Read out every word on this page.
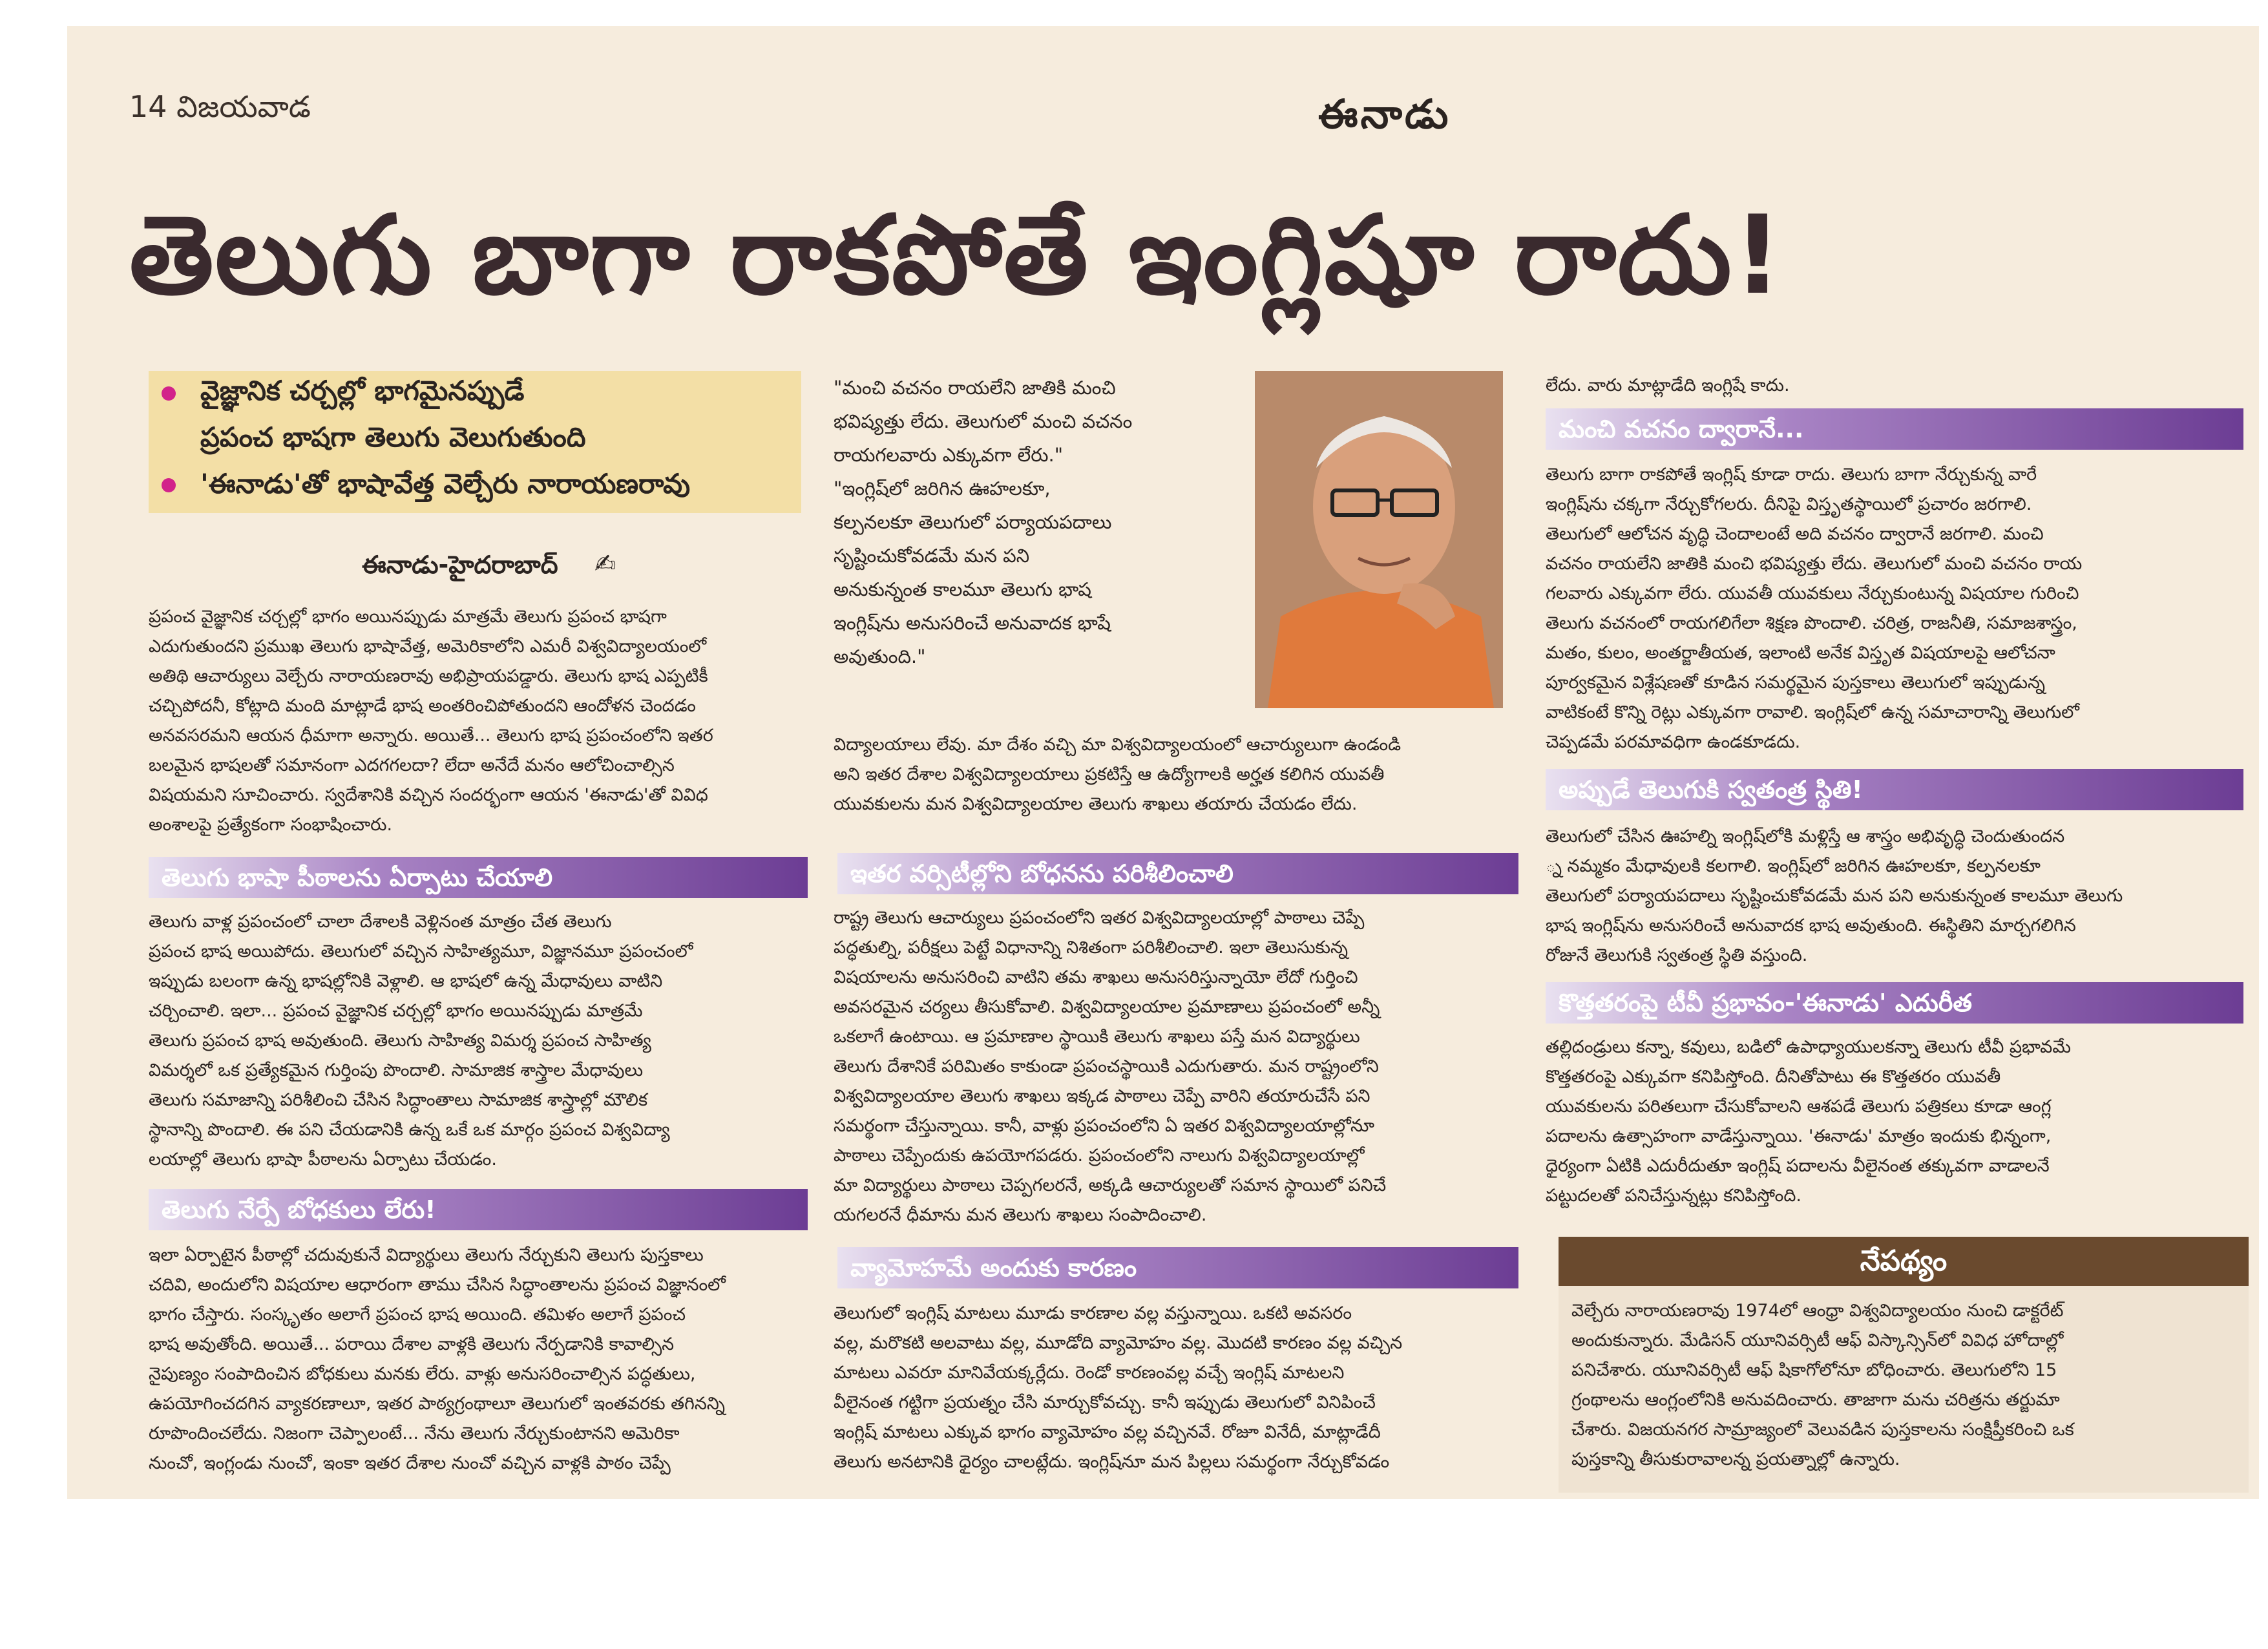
14 విజయవాడ	ఈనాడు
తెలుగు బాగా రాకపోతే ఇంగ్లిషూ రాదు!
వైజ్ఞానిక చర్చల్లో భాగమైనప్పుడే
ప్రపంచ భాషగా తెలుగు వెలుగుతుంది
'ఈనాడు'తో భాషావేత్త వెల్చేరు నారాయణరావు
ఈనాడు-హైదరాబాద్ ✍
ప్రపంచ వైజ్ఞానిక చర్చల్లో భాగం అయినప్పుడు మాత్రమే తెలుగు ప్రపంచ భాషగా
ఎదుగుతుందని ప్రముఖ తెలుగు భాషావేత్త, అమెరికాలోని ఎమరీ విశ్వవిద్యాలయంలో
అతిథి ఆచార్యులు వెల్చేరు నారాయణరావు అభిప్రాయపడ్డారు. తెలుగు భాష ఎప్పటికీ
చచ్చిపోదనీ, కోట్లాది మంది మాట్లాడే భాష అంతరించిపోతుందని ఆందోళన చెందడం
అనవసరమని ఆయన ధీమాగా అన్నారు. అయితే... తెలుగు భాష ప్రపంచంలోని ఇతర
బలమైన భాషలతో సమానంగా ఎదగగలదా? లేదా అనేదే మనం ఆలోచించాల్సిన
విషయమని సూచించారు. స్వదేశానికి వచ్చిన సందర్భంగా ఆయన 'ఈనాడు'తో వివిధ
అంశాలపై ప్రత్యేకంగా సంభాషించారు.
తెలుగు భాషా పీఠాలను ఏర్పాటు చేయాలి
తెలుగు వాళ్ల ప్రపంచంలో చాలా దేశాలకి వెళ్లినంత మాత్రం చేత తెలుగు
ప్రపంచ భాష అయిపోదు. తెలుగులో వచ్చిన సాహిత్యమూ, విజ్ఞానమూ ప్రపంచంలో
ఇప్పుడు బలంగా ఉన్న భాషల్లోనికి వెళ్లాలి. ఆ భాషలో ఉన్న మేధావులు వాటిని
చర్చించాలి. ఇలా... ప్రపంచ వైజ్ఞానిక చర్చల్లో భాగం అయినప్పుడు మాత్రమే
తెలుగు ప్రపంచ భాష అవుతుంది. తెలుగు సాహిత్య విమర్శ ప్రపంచ సాహిత్య
విమర్శలో ఒక ప్రత్యేకమైన గుర్తింపు పొందాలి. సామాజిక శాస్త్రాల మేధావులు
తెలుగు సమాజాన్ని పరిశీలించి చేసిన సిద్ధాంతాలు సామాజిక శాస్త్రాల్లో మౌలిక
స్థానాన్ని పొందాలి. ఈ పని చేయడానికి ఉన్న ఒకే ఒక మార్గం ప్రపంచ విశ్వవిద్యా
లయాల్లో తెలుగు భాషా పీఠాలను ఏర్పాటు చేయడం.
తెలుగు నేర్పే బోధకులు లేరు!
ఇలా ఏర్పాటైన పీఠాల్లో చదువుకునే విద్యార్థులు తెలుగు నేర్చుకుని తెలుగు పుస్తకాలు
చదివి, అందులోని విషయాల ఆధారంగా తాము చేసిన సిద్ధాంతాలను ప్రపంచ విజ్ఞానంలో
భాగం చేస్తారు. సంస్కృతం అలాగే ప్రపంచ భాష అయింది. తమిళం అలాగే ప్రపంచ
భాష అవుతోంది. అయితే... పరాయి దేశాల వాళ్లకి తెలుగు నేర్పడానికి కావాల్సిన
నైపుణ్యం సంపాదించిన బోధకులు మనకు లేరు. వాళ్లు అనుసరించాల్సిన పద్ధతులు,
ఉపయోగించదగిన వ్యాకరణాలూ, ఇతర పాఠ్యగ్రంథాలూ తెలుగులో ఇంతవరకు తగినన్ని
రూపొందించలేదు. నిజంగా చెప్పాలంటే... నేను తెలుగు నేర్చుకుంటానని అమెరికా
నుంచో, ఇంగ్లండు నుంచో, ఇంకా ఇతర దేశాల నుంచో వచ్చిన వాళ్లకి పాఠం చెప్పే
"మంచి వచనం రాయలేని జాతికి మంచి
భవిష్యత్తు లేదు. తెలుగులో మంచి వచనం
రాయగలవారు ఎక్కువగా లేరు."
"ఇంగ్లిష్‌లో జరిగిన ఊహలకూ,
కల్పనలకూ తెలుగులో పర్యాయపదాలు
సృష్టించుకోవడమే మన పని
అనుకున్నంత కాలమూ తెలుగు భాష
ఇంగ్లిష్‌ను అనుసరించే అనువాదక భాషే
అవుతుంది."
విద్యాలయాలు లేవు. మా దేశం వచ్చి మా విశ్వవిద్యాలయంలో ఆచార్యులుగా ఉండండి
అని ఇతర దేశాల విశ్వవిద్యాలయాలు ప్రకటిస్తే ఆ ఉద్యోగాలకి అర్హత కలిగిన యువతీ
యువకులను మన విశ్వవిద్యాలయాల తెలుగు శాఖలు తయారు చేయడం లేదు.
ఇతర వర్సిటీల్లోని బోధనను పరిశీలించాలి
రాష్ట్ర తెలుగు ఆచార్యులు ప్రపంచంలోని ఇతర విశ్వవిద్యాలయాల్లో పాఠాలు చెప్పే
పద్ధతుల్ని, పరీక్షలు పెట్టే విధానాన్ని నిశితంగా పరిశీలించాలి. ఇలా తెలుసుకున్న
విషయాలను అనుసరించి వాటిని తమ శాఖలు అనుసరిస్తున్నాయో లేదో గుర్తించి
అవసరమైన చర్యలు తీసుకోవాలి. విశ్వవిద్యాలయాల ప్రమాణాలు ప్రపంచంలో అన్నీ
ఒకలాగే ఉంటాయి. ఆ ప్రమాణాల స్థాయికి తెలుగు శాఖలు పస్తే మన విద్యార్థులు
తెలుగు దేశానికే పరిమితం కాకుండా ప్రపంచస్థాయికి ఎదుగుతారు. మన రాష్ట్రంలోని
విశ్వవిద్యాలయాల తెలుగు శాఖలు ఇక్కడ పాఠాలు చెప్పే వారిని తయారుచేసే పని
సమర్థంగా చేస్తున్నాయి. కానీ, వాళ్లు ప్రపంచంలోని ఏ ఇతర విశ్వవిద్యాలయాల్లోనూ
పాఠాలు చెప్పేందుకు ఉపయోగపడరు. ప్రపంచంలోని నాలుగు విశ్వవిద్యాలయాల్లో
మా విద్యార్థులు పాఠాలు చెప్పగలరనే, అక్కడి ఆచార్యులతో సమాన స్థాయిలో పనిచే
యగలరనే ధీమాను మన తెలుగు శాఖలు సంపాదించాలి.
వ్యామోహమే అందుకు కారణం
తెలుగులో ఇంగ్లిష్ మాటలు మూడు కారణాల వల్ల వస్తున్నాయి. ఒకటి అవసరం
వల్ల, మరొకటి అలవాటు వల్ల, మూడోది వ్యామోహం వల్ల. మొదటి కారణం వల్ల వచ్చిన
మాటలు ఎవరూ మానివేయక్కర్లేదు. రెండో కారణంవల్ల వచ్చే ఇంగ్లిష్ మాటలని
వీలైనంత గట్టిగా ప్రయత్నం చేసి మార్చుకోవచ్చు. కానీ ఇప్పుడు తెలుగులో వినిపించే
ఇంగ్లిష్ మాటలు ఎక్కువ భాగం వ్యామోహం వల్ల వచ్చినవే. రోజూ వినేదీ, మాట్లాడేదీ
తెలుగు అనటానికి ధైర్యం చాలట్లేదు. ఇంగ్లిష్‌నూ మన పిల్లలు సమర్థంగా నేర్చుకోవడం
లేదు. వారు మాట్లాడేది ఇంగ్లిషే కాదు.
మంచి వచనం ద్వారానే...
తెలుగు బాగా రాకపోతే ఇంగ్లిష్ కూడా రాదు. తెలుగు బాగా నేర్చుకున్న వారే
ఇంగ్లిష్‌ను చక్కగా నేర్చుకోగలరు. దీనిపై విస్తృతస్థాయిలో ప్రచారం జరగాలి.
తెలుగులో ఆలోచన వృద్ధి చెందాలంటే అది వచనం ద్వారానే జరగాలి. మంచి
వచనం రాయలేని జాతికి మంచి భవిష్యత్తు లేదు. తెలుగులో మంచి వచనం రాయ
గలవారు ఎక్కువగా లేరు. యువతీ యువకులు నేర్చుకుంటున్న విషయాల గురించి
తెలుగు వచనంలో రాయగలిగేలా శిక్షణ పొందాలి. చరిత్ర, రాజనీతి, సమాజశాస్త్రం,
మతం, కులం, అంతర్జాతీయత, ఇలాంటి అనేక విస్తృత విషయాలపై ఆలోచనా
పూర్వకమైన విశ్లేషణతో కూడిన సమర్థమైన పుస్తకాలు తెలుగులో ఇప్పుడున్న
వాటికంటే కొన్ని రెట్లు ఎక్కువగా రావాలి. ఇంగ్లిష్‌లో ఉన్న సమాచారాన్ని తెలుగులో
చెప్పడమే పరమావధిగా ఉండకూడదు.
అప్పుడే తెలుగుకి స్వతంత్ర స్థితి!
తెలుగులో చేసిన ఊహల్ని ఇంగ్లిష్‌లోకి మళ్లిస్తే ఆ శాస్త్రం అభివృద్ధి చెందుతుందన
్న నమ్మకం మేధావులకి కలగాలి. ఇంగ్లిష్‌లో జరిగిన ఊహలకూ, కల్పనలకూ
తెలుగులో పర్యాయపదాలు సృష్టించుకోవడమే మన పని అనుకున్నంత కాలమూ తెలుగు
భాష ఇంగ్లిష్‌ను అనుసరించే అనువాదక భాష అవుతుంది. ఈస్థితిని మార్చగలిగిన
రోజునే తెలుగుకి స్వతంత్ర స్థితి వస్తుంది.
కొత్తతరంపై టీవీ ప్రభావం-'ఈనాడు' ఎదురీత
తల్లిదండ్రులు కన్నా, కవులు, బడిలో ఉపాధ్యాయులకన్నా తెలుగు టీవీ ప్రభావమే
కొత్తతరంపై ఎక్కువగా కనిపిస్తోంది. దీనితోపాటు ఈ కొత్తతరం యువతీ
యువకులను పరితలుగా చేసుకోవాలని ఆశపడే తెలుగు పత్రికలు కూడా ఆంగ్ల
పదాలను ఉత్సాహంగా వాడేస్తున్నాయి. 'ఈనాడు' మాత్రం ఇందుకు భిన్నంగా,
ధైర్యంగా ఏటికి ఎదురీదుతూ ఇంగ్లిష్ పదాలను వీలైనంత తక్కువగా వాడాలనే
పట్టుదలతో పనిచేస్తున్నట్లు కనిపిస్తోంది.
నేపథ్యం
వెల్చేరు నారాయణరావు 1974లో ఆంధ్రా విశ్వవిద్యాలయం నుంచి డాక్టరేట్
అందుకున్నారు. మేడిసన్ యూనివర్సిటీ ఆఫ్ విస్కాన్సిన్‌లో వివిధ హోదాల్లో
పనిచేశారు. యూనివర్సిటీ ఆఫ్ షికాగోలోనూ బోధించారు. తెలుగులోని 15
గ్రంథాలను ఆంగ్లంలోనికి అనువదించారు. తాజాగా మను చరిత్రను తర్జుమా
చేశారు. విజయనగర సామ్రాజ్యంలో వెలువడిన పుస్తకాలను సంక్షిప్తీకరించి ఒక
పుస్తకాన్ని తీసుకురావాలన్న ప్రయత్నాల్లో ఉన్నారు.
